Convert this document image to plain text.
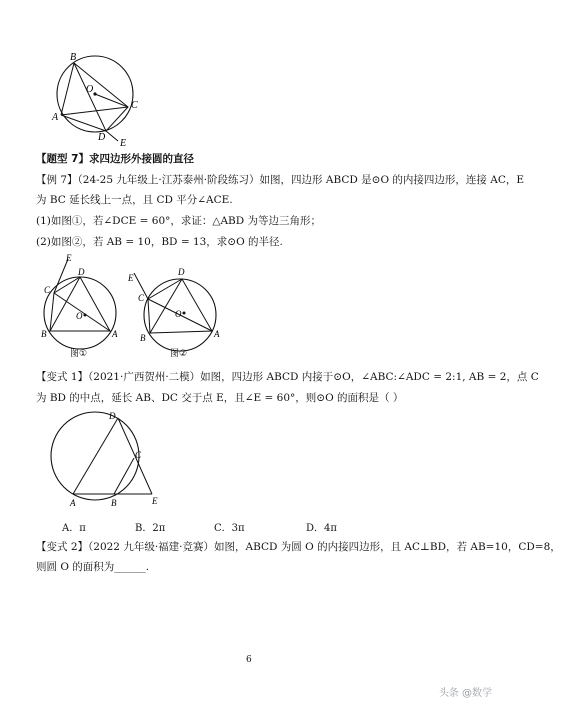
B
O
A
C
D
E
【题型 7】求四边形外接圆的直径
【例 7】（24-25 九年级上·江苏泰州·阶段练习）如图，四边形 ABCD 是⊙O 的内接四边形，连接 AC，E
为 BC 延长线上一点，且 CD 平分∠ACE.
(1)如图①，若∠DCE = 60°，求证：△ABD 为等边三角形；
(2)如图②，若 AB = 10，BD = 13，求⊙O 的半径.
E
D
C
O
B	A
图①
E
D
C
O
B	A
图②
【变式 1】（2021·广西贺州·二模）如图，四边形 ABCD 内接于⊙O，∠ABC:∠ADC = 2:1, AB = 2，点 C
为 BD 的中点，延长 AB、DC 交于点 E，且∠E = 60°，则⊙O 的面积是（ ）
D
C
A	B	E
A．π	B．2π	C．3π	D．4π
【变式 2】（2022 九年级·福建·竞赛）如图，ABCD 为圆 O 的内接四边形，且 AC⊥BD，若 AB=10，CD=8，
则圆 O 的面积为______.
6
头条 @数学
